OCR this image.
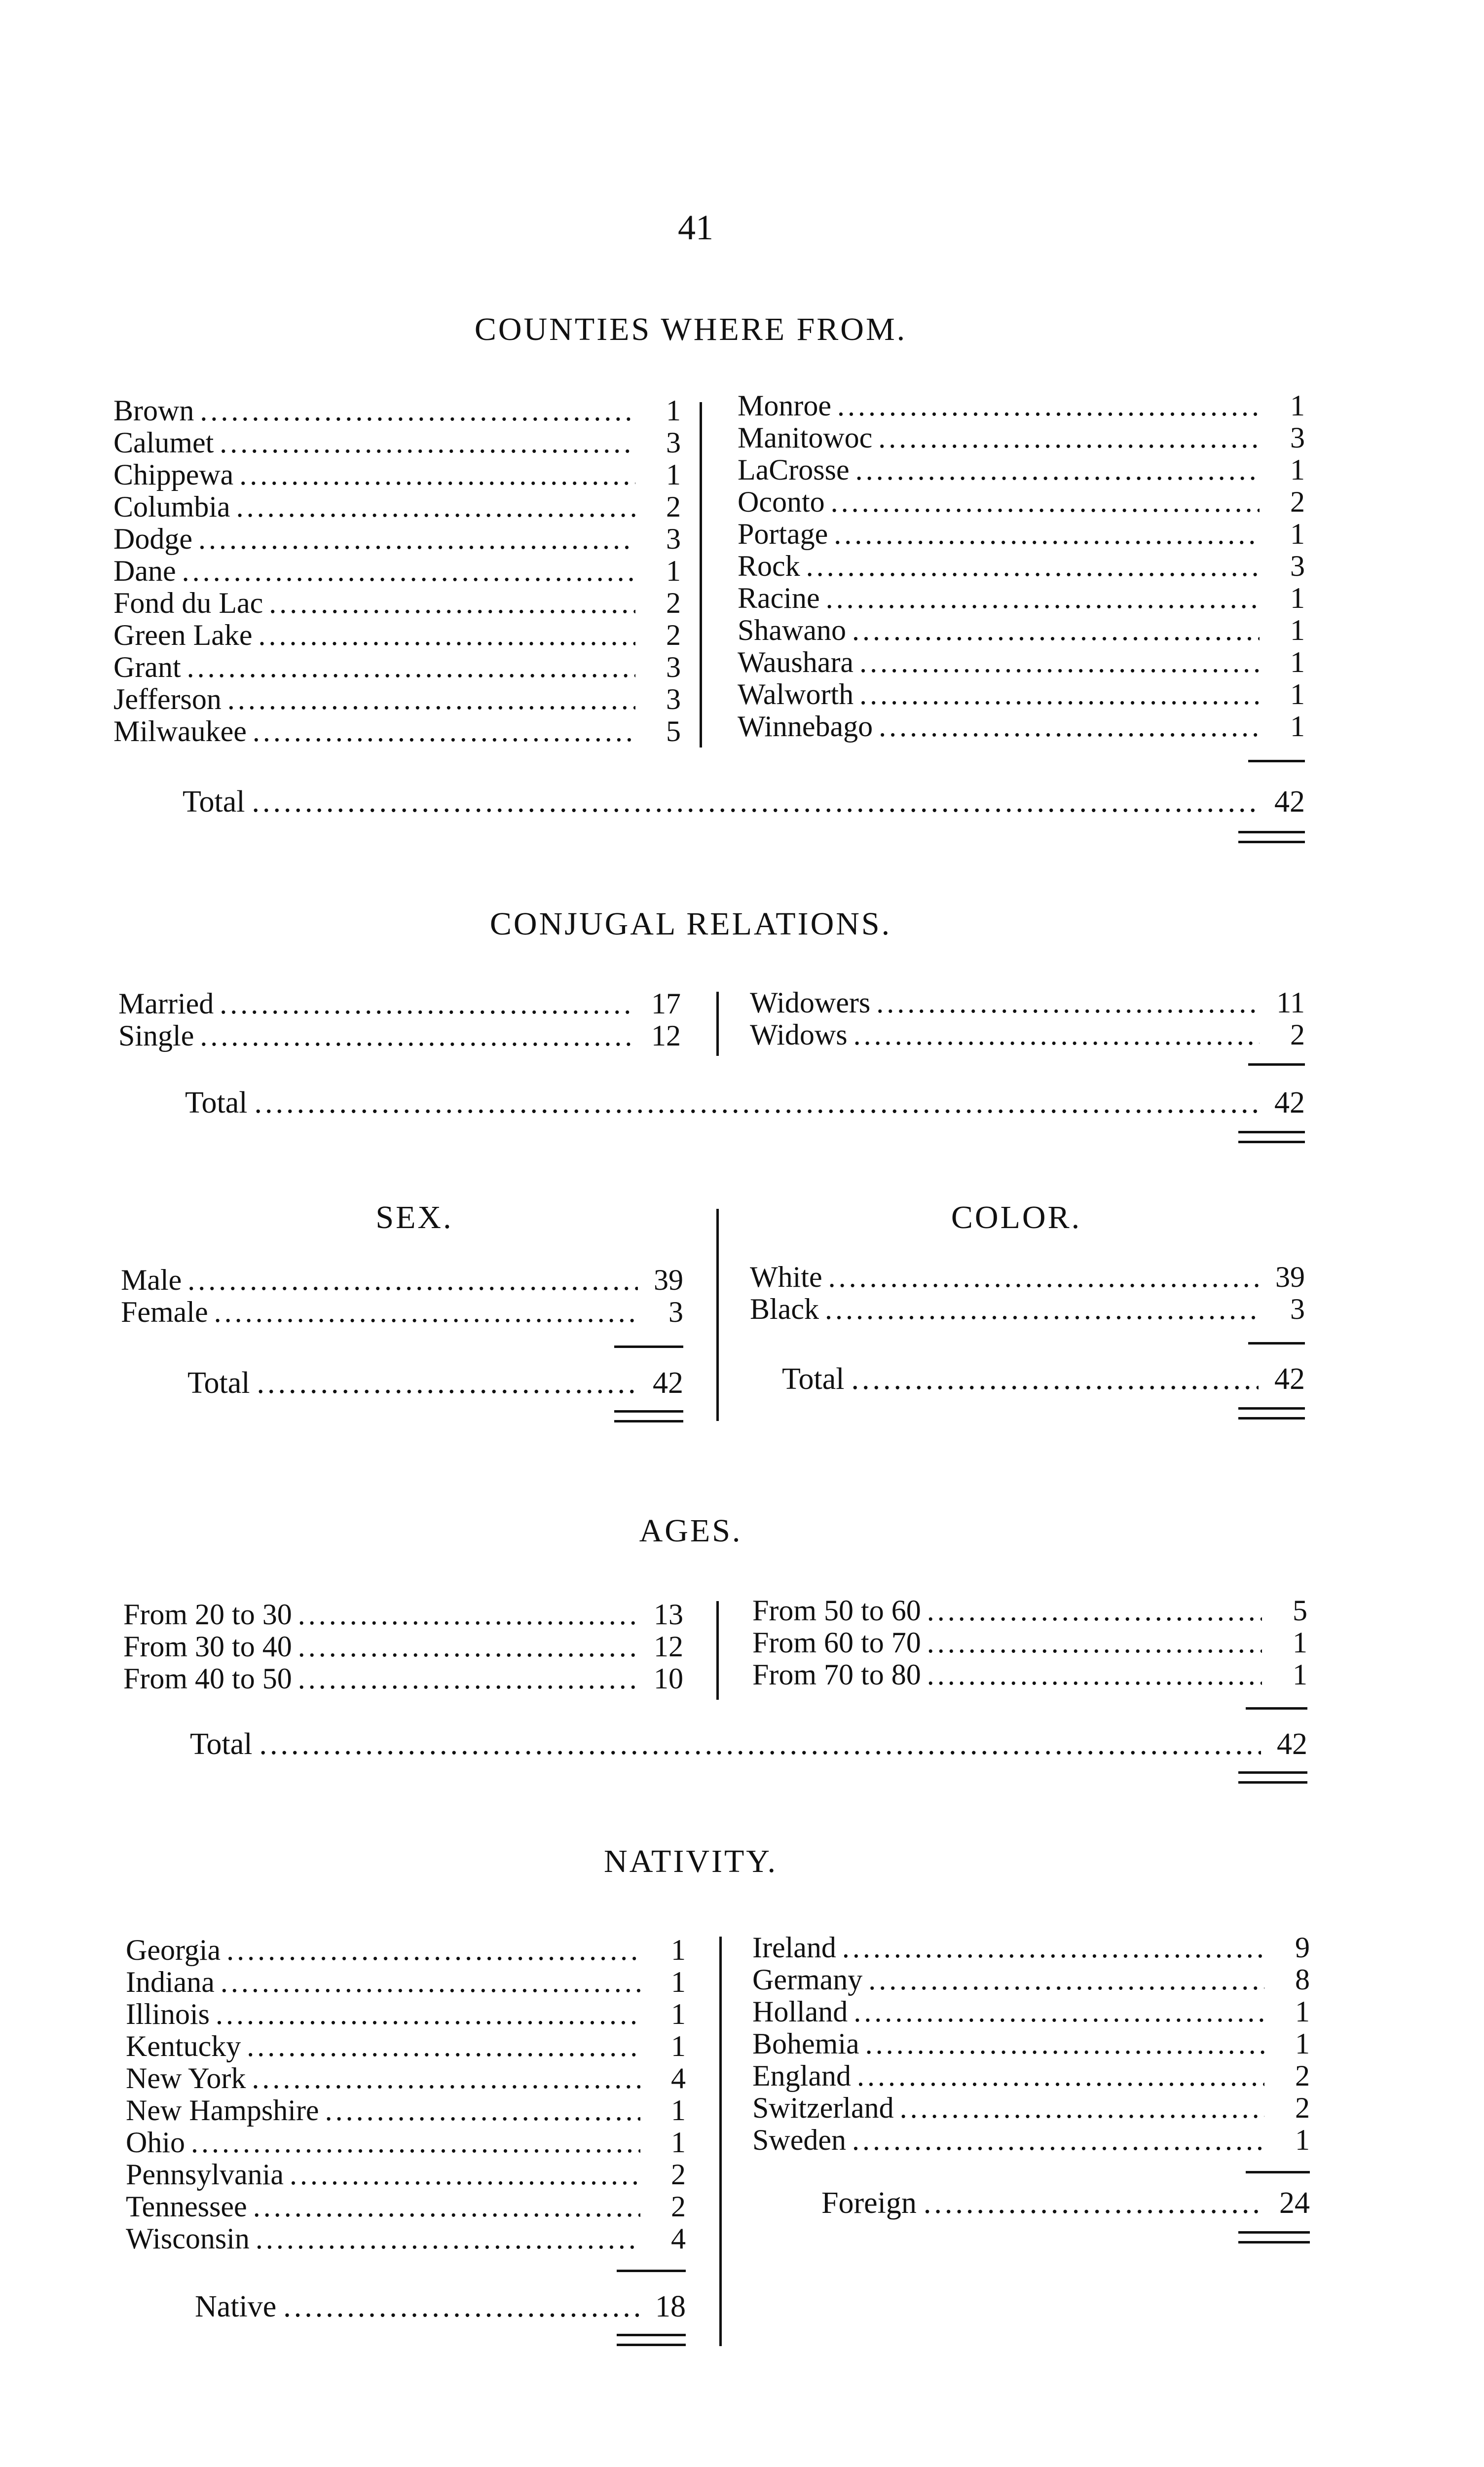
41
COUNTIES WHERE FROM.
Brown .....	1
Calumet .....	3
Chippewa .....	1
Columbia .....	2
Dodge .....	3
Dane .....	1
Fond du Lac .....	2
Green Lake .....	2
Grant .....	3
Jefferson .....	3
Milwaukee .....	5
Monroe .....	1
Manitowoc .....	3
LaCrosse .....	1
Oconto .....	2
Portage .....	1
Rock .....	3
Racine .....	1
Shawano .....	1
Waushara .....	1
Walworth .....	1
Winnebago .....	1
Total .....	42
CONJUGAL RELATIONS.
Married .....	17
Single .....	12
Widowers .....	11
Widows .....	2
Total .....	42
SEX.	COLOR.
Male .....	39
Female .....	3
Total .....	42
White .....	39
Black .....	3
Total .....	42
AGES.
From 20 to 30 .....	13
From 30 to 40 .....	12
From 40 to 50 .....	10
From 50 to 60 .....	5
From 60 to 70 .....	1
From 70 to 80 .....	1
Total .....	42
NATIVITY.
Georgia .....	1
Indiana .....	1
Illinois .....	1
Kentucky .....	1
New York .....	4
New Hampshire .....	1
Ohio .....	1
Pennsylvania .....	2
Tennessee .....	2
Wisconsin .....	4
Native .....	18
Ireland .....	9
Germany .....	8
Holland .....	1
Bohemia .....	1
England .....	2
Switzerland .....	2
Sweden .....	1
Foreign .....	24
